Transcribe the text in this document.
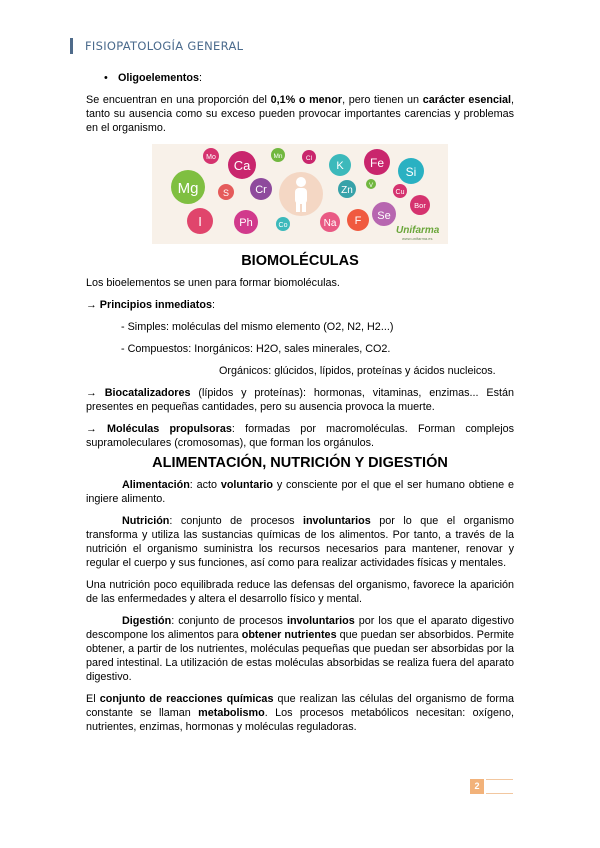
FISIOPATOLOGÍA GENERAL

• Oligoelementos:

Se encuentran en una proporción del 0,1% o menor, pero tienen un carácter esencial, tanto su ausencia como su exceso pueden provocar importantes carencias y problemas en el organismo.

Mo
Ca
Mn	Cl
K Fe
Si
Mg	S Cr	Zn	V
Cu
I	Ph	Co	Na
Se
F
Bor
Unifarma
www.unifarma.es

BIOMOLÉCULAS

Los bioelementos se unen para formar biomoléculas.

→ Principios inmediatos:

- Simples: moléculas del mismo elemento (O2, N2, H2...)

- Compuestos: Inorgánicos: H2O, sales minerales, CO2.

Orgánicos: glúcidos, lípidos, proteínas y ácidos nucleicos.

→ Biocatalizadores (lípidos y proteínas): hormonas, vitaminas, enzimas... Están presentes en pequeñas cantidades, pero su ausencia provoca la muerte.

→ Moléculas propulsoras: formadas por macromoléculas. Forman complejos supramoleculares (cromosomas), que forman los orgánulos.

ALIMENTACIÓN, NUTRICIÓN Y DIGESTIÓN

Alimentación: acto voluntario y consciente por el que el ser humano obtiene e ingiere alimento.

Nutrición: conjunto de procesos involuntarios por lo que el organismo transforma y utiliza las sustancias químicas de los alimentos. Por tanto, a través de la nutrición el organismo suministra los recursos necesarios para mantener, renovar y regular el cuerpo y sus funciones, así como para realizar actividades físicas y mentales.

Una nutrición poco equilibrada reduce las defensas del organismo, favorece la aparición de las enfermedades y altera el desarrollo físico y mental.

Digestión: conjunto de procesos involuntarios por los que el aparato digestivo descompone los alimentos para obtener nutrientes que puedan ser absorbidos. Permite obtener, a partir de los nutrientes, moléculas pequeñas que puedan ser absorbidas por la pared intestinal. La utilización de estas moléculas absorbidas se realiza fuera del aparato digestivo.

El conjunto de reacciones químicas que realizan las células del organismo de forma constante se llaman metabolismo. Los procesos metabólicos necesitan: oxígeno, nutrientes, enzimas, hormonas y moléculas reguladoras.

2
